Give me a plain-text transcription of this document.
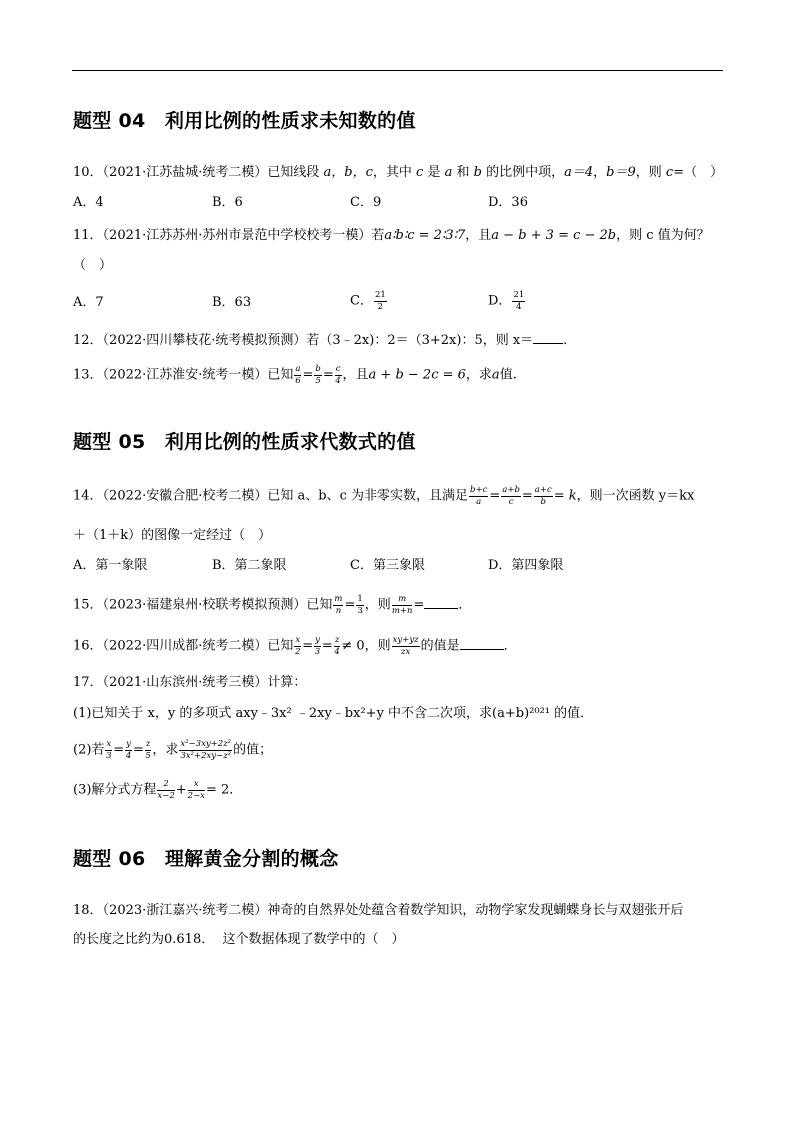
题型 04　利用比例的性质求未知数的值
10．（2021·江苏盐城·统考二模）已知线段 a，b，c，其中 c 是 a 和 b 的比例中项，a＝4，b＝9，则 c=（　）
A．4	B．6	C．9	D．36
11．（2021·江苏苏州·苏州市景范中学校校考一模）若a∶b∶c = 2∶3∶7，且a − b + 3 = c − 2b，则 c 值为何？
（　）
A．7	B．63	C． $\frac{21}{2}$	D． $\frac{21}{4}$
12．（2022·四川攀枝花·统考模拟预测）若（3﹣2x)：2＝（3+2x)：5，则 x＝ ．
13．（2022·江苏淮安·统考一模）已知 $\frac{a}{6} = \frac{b}{5} = \frac{c}{4}$ ，且a + b − 2c = 6，求a值.
题型 05　利用比例的性质求代数式的值
14．（2022·安徽合肥·校考二模）已知 a、b、c 为非零实数，且满足 $\frac{b+c}{a} = \frac{a+b}{c} = \frac{a+c}{b} = k$，则一次函数 y＝kx
＋（1＋k）的图像一定经过（　）
A．第一象限	B．第二象限	C．第三象限	D．第四象限
15．（2023·福建泉州·校联考模拟预测）已知 $\frac{m}{n} = \frac{1}{3}$ ，则 $\frac{m}{m+n}$ =	．
16．（2022·四川成都·统考二模）已知 $\frac{x}{2} = \frac{y}{3} = \frac{z}{4} \ne 0$，则 $\frac{xy+yz}{zx}$ 的值是	．
17．（2021·山东滨州·统考三模）计算：
(1)已知关于 x，y 的多项式 axy﹣3x² ﹣2xy﹣bx²+y 中不含二次项，求(a+b)²⁰²¹ 的值．
(2)若 $\frac{x}{3} = \frac{y}{4} = \frac{z}{5}$ ，求 $\frac{\text{x²−3xy+2z²}}{\text{3x²+2xy−z²}}$ 的值；
(3)解分式方程 $\frac{2}{x-2} + \frac{x}{2-x} = 2$．
题型 06　理解黄金分割的概念
18．（2023·浙江嘉兴·统考二模）神奇的自然界处处蕴含着数学知识，动物学家发现蝴蝶身长与双翅张开后
的长度之比约为0.618．  这个数据体现了数学中的（　）
